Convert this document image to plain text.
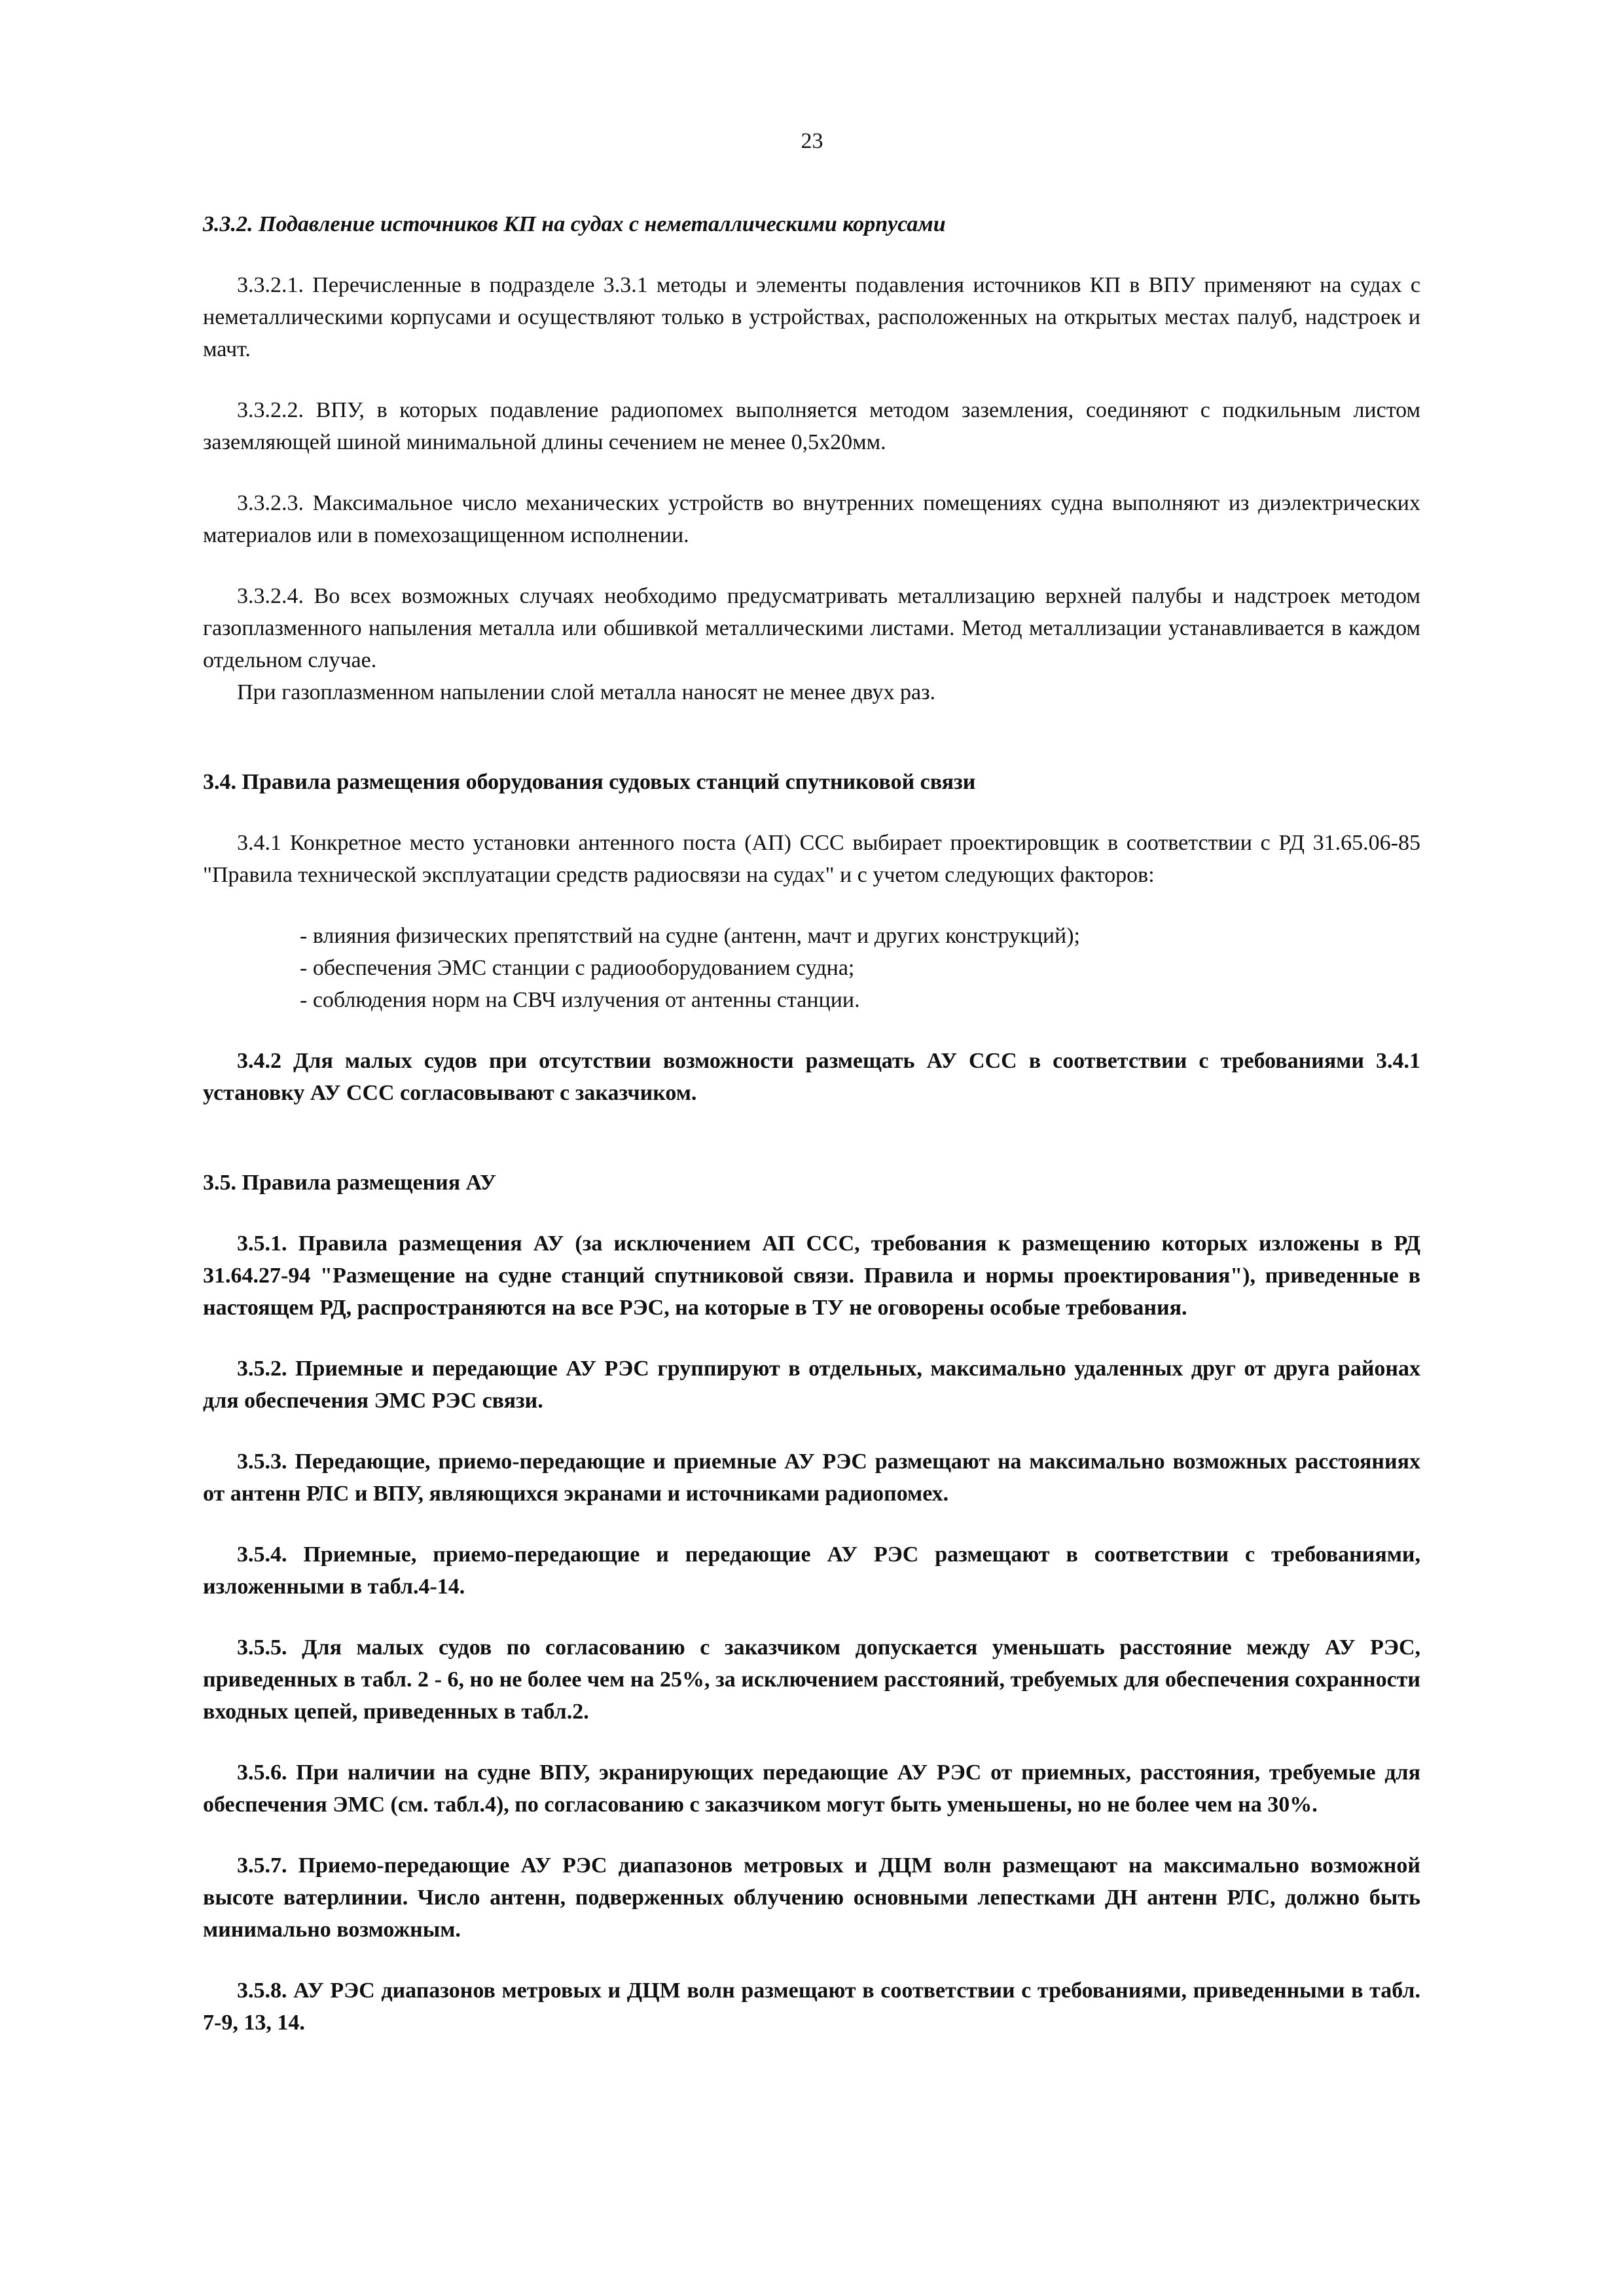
23

3.3.2. Подавление источников КП на судах с неметаллическими корпусами

3.3.2.1. Перечисленные в подразделе 3.3.1 методы и элементы подавления источников КП в ВПУ применяют на судах с неметаллическими корпусами и осуществляют только в устройствах, расположенных на открытых местах палуб, надстроек и мачт.

3.3.2.2. ВПУ, в которых подавление радиопомех выполняется методом заземления, соединяют с подкильным листом заземляющей шиной минимальной длины сечением не менее 0,5х20мм.

3.3.2.3. Максимальное число механических устройств во внутренних помещениях судна выполняют из диэлектрических материалов или в помехозащищенном исполнении.

3.3.2.4. Во всех возможных случаях необходимо предусматривать металлизацию верхней палубы и надстроек методом газоплазменного напыления металла или обшивкой металлическими листами. Метод металлизации устанавливается в каждом отдельном случае.

При газоплазменном напылении слой металла наносят не менее двух раз.

3.4. Правила размещения оборудования судовых станций спутниковой связи

3.4.1 Конкретное место установки антенного поста (АП) ССС выбирает проектировщик в соответствии с РД 31.65.06-85 "Правила технической эксплуатации средств радиосвязи на судах" и с учетом следующих факторов:

- влияния физических препятствий на судне (антенн, мачт и других конструкций);
- обеспечения ЭМС станции с радиооборудованием судна;
- соблюдения норм на СВЧ излучения от антенны станции.

3.4.2 Для малых судов при отсутствии возможности размещать АУ ССС в соответствии с требованиями 3.4.1 установку АУ ССС согласовывают с заказчиком.

3.5. Правила размещения АУ

3.5.1. Правила размещения АУ (за исключением АП ССС, требования к размещению которых изложены в РД 31.64.27-94 "Размещение на судне станций спутниковой связи. Правила и нормы проектирования"), приведенные в настоящем РД, распространяются на все РЭС, на которые в ТУ не оговорены особые требования.

3.5.2. Приемные и передающие АУ РЭС группируют в отдельных, максимально удаленных друг от друга районах для обеспечения ЭМС РЭС связи.

3.5.3. Передающие, приемо-передающие и приемные АУ РЭС размещают на максимально возможных расстояниях от антенн РЛС и ВПУ, являющихся экранами и источниками радиопомех.

3.5.4. Приемные, приемо-передающие и передающие АУ РЭС размещают в соответствии с требованиями, изложенными в табл.4-14.

3.5.5. Для малых судов по согласованию с заказчиком допускается уменьшать расстояние между АУ РЭС, приведенных в табл. 2 - 6, но не более чем на 25%, за исключением расстояний, требуемых для обеспечения сохранности входных цепей, приведенных в табл.2.

3.5.6. При наличии на судне ВПУ, экранирующих передающие АУ РЭС от приемных, расстояния, требуемые для обеспечения ЭМС (см. табл.4), по согласованию с заказчиком могут быть уменьшены, но не более чем на 30%.

3.5.7. Приемо-передающие АУ РЭС диапазонов метровых и ДЦМ волн размещают на максимально возможной высоте ватерлинии. Число антенн, подверженных облучению основными лепестками ДН антенн РЛС, должно быть минимально возможным.

3.5.8. АУ РЭС диапазонов метровых и ДЦМ волн размещают в соответствии с требованиями, приведенными в табл. 7-9, 13, 14.
